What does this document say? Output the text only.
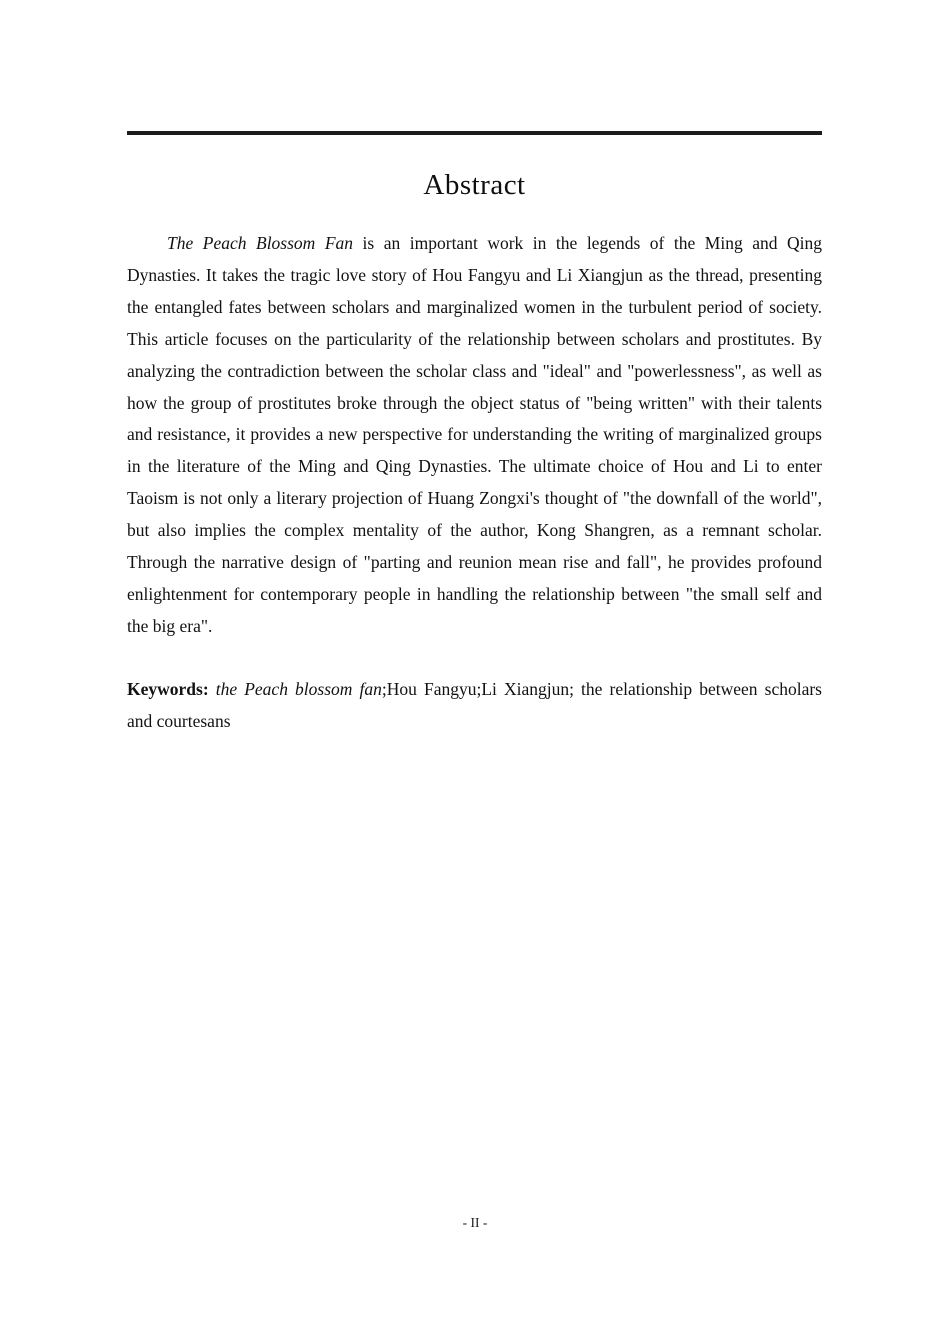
Abstract

The Peach Blossom Fan is an important work in the legends of the Ming and Qing Dynasties. It takes the tragic love story of Hou Fangyu and Li Xiangjun as the thread, presenting the entangled fates between scholars and marginalized women in the turbulent period of society. This article focuses on the particularity of the relationship between scholars and prostitutes. By analyzing the contradiction between the scholar class and "ideal" and "powerlessness", as well as how the group of prostitutes broke through the object status of "being written" with their talents and resistance, it provides a new perspective for understanding the writing of marginalized groups in the literature of the Ming and Qing Dynasties. The ultimate choice of Hou and Li to enter Taoism is not only a literary projection of Huang Zongxi's thought of "the downfall of the world", but also implies the complex mentality of the author, Kong Shangren, as a remnant scholar. Through the narrative design of "parting and reunion mean rise and fall", he provides profound enlightenment for contemporary people in handling the relationship between "the small self and the big era".

Keywords: the Peach blossom fan;Hou Fangyu;Li Xiangjun; the relationship between scholars and courtesans

- II -
